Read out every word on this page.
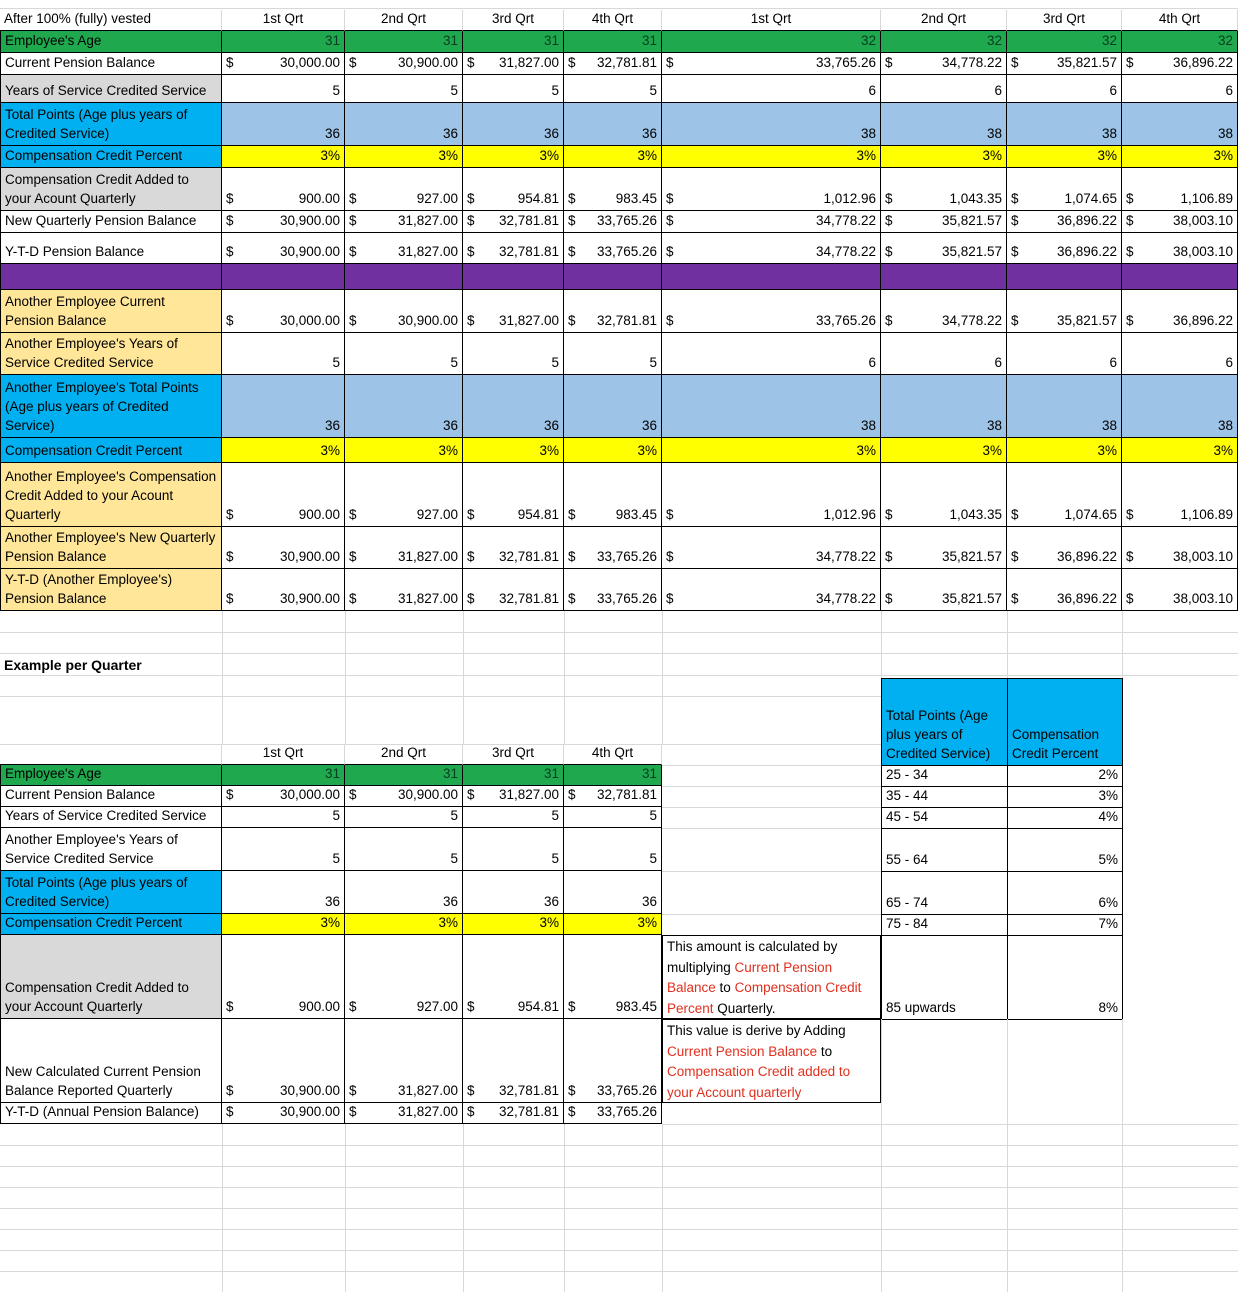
After 100% (fully) vested	1st Qrt	2nd Qrt	3rd Qrt	4th Qrt	1st Qrt	2nd Qrt	3rd Qrt	4th Qrt
Employee's Age	31	31	31	31	32	32	32	32
Current Pension Balance	$	30,000.00 $	30,900.00 $ 31,827.00 $ 32,781.81 $	33,765.26 $	34,778.22 $	35,821.57 $	36,896.22
Years of Service Credited Service	5	5	5	5	6	6	6	6
Total Points (Age plus years of Credited Service)	36	36	36	36	38	38	38	38
Compensation Credit Percent	3%	3%	3%	3%	3%	3%	3%	3%
Compensation Credit Added to your Acount Quarterly	$	900.00 $	927.00 $	954.81 $	983.45 $	1,012.96 $	1,043.35 $	1,074.65 $	1,106.89
New Quarterly Pension Balance	$	30,900.00 $	31,827.00 $ 32,781.81 $ 33,765.26 $	34,778.22 $	35,821.57 $	36,896.22 $	38,003.10
Y-T-D Pension Balance	$	30,900.00 $	31,827.00 $ 32,781.81 $ 33,765.26 $	34,778.22 $	35,821.57 $	36,896.22 $	38,003.10
Another Employee Current Pension Balance	$	30,000.00 $	30,900.00 $ 31,827.00 $ 32,781.81 $	33,765.26 $	34,778.22 $	35,821.57 $	36,896.22
Another Employee's Years of Service Credited Service	5	5	5	5	6	6	6	6
Another Employee's Total Points (Age plus years of Credited Service)	36	36	36	36	38	38	38	38
Compensation Credit Percent	3%	3%	3%	3%	3%	3%	3%	3%
Another Employee's Compensation Credit Added to your Acount Quarterly	$	900.00 $	927.00 $	954.81 $	983.45 $	1,012.96 $	1,043.35 $	1,074.65 $	1,106.89
Another Employee's New Quarterly Pension Balance	$	30,900.00 $	31,827.00 $ 32,781.81 $ 33,765.26 $	34,778.22 $	35,821.57 $	36,896.22 $	38,003.10
Y-T-D (Another Employee's) Pension Balance	$	30,900.00 $	31,827.00 $ 32,781.81 $ 33,765.26 $	34,778.22 $	35,821.57 $	36,896.22 $	38,003.10
Example per Quarter
1st Qrt	2nd Qrt	3rd Qrt	4th Qrt
Employee's Age	31	31	31	31
Current Pension Balance	$	30,000.00 $	30,900.00 $ 31,827.00 $ 32,781.81
Years of Service Credited Service	5	5	5	5
Another Employee's Years of Service Credited Service	5	5	5	5
Total Points (Age plus years of Credited Service)	36	36	36	36
Compensation Credit Percent	3%	3%	3%	3%
Compensation Credit Added to your Account Quarterly	$	900.00 $	927.00 $	954.81 $	983.45
New Calculated Current Pension Balance Reported Quarterly	$	30,900.00 $	31,827.00 $ 32,781.81 $ 33,765.26
Y-T-D (Annual Pension Balance)	$	30,900.00 $	31,827.00 $ 32,781.81 $ 33,765.26
Total Points (Age plus years of Credited Service)
Compensation Credit Percent
25 - 34	2%
35 - 44	3%
45 - 54	4%
55 - 64	5%
65 - 74	6%
75 - 84	7%
85 upwards	8%
This amount is calculated by multiplying Current Pension Balance to Compensation Credit Percent Quarterly.
This value is derive by Adding Current Pension Balance to Compensation Credit added to your Account quarterly
